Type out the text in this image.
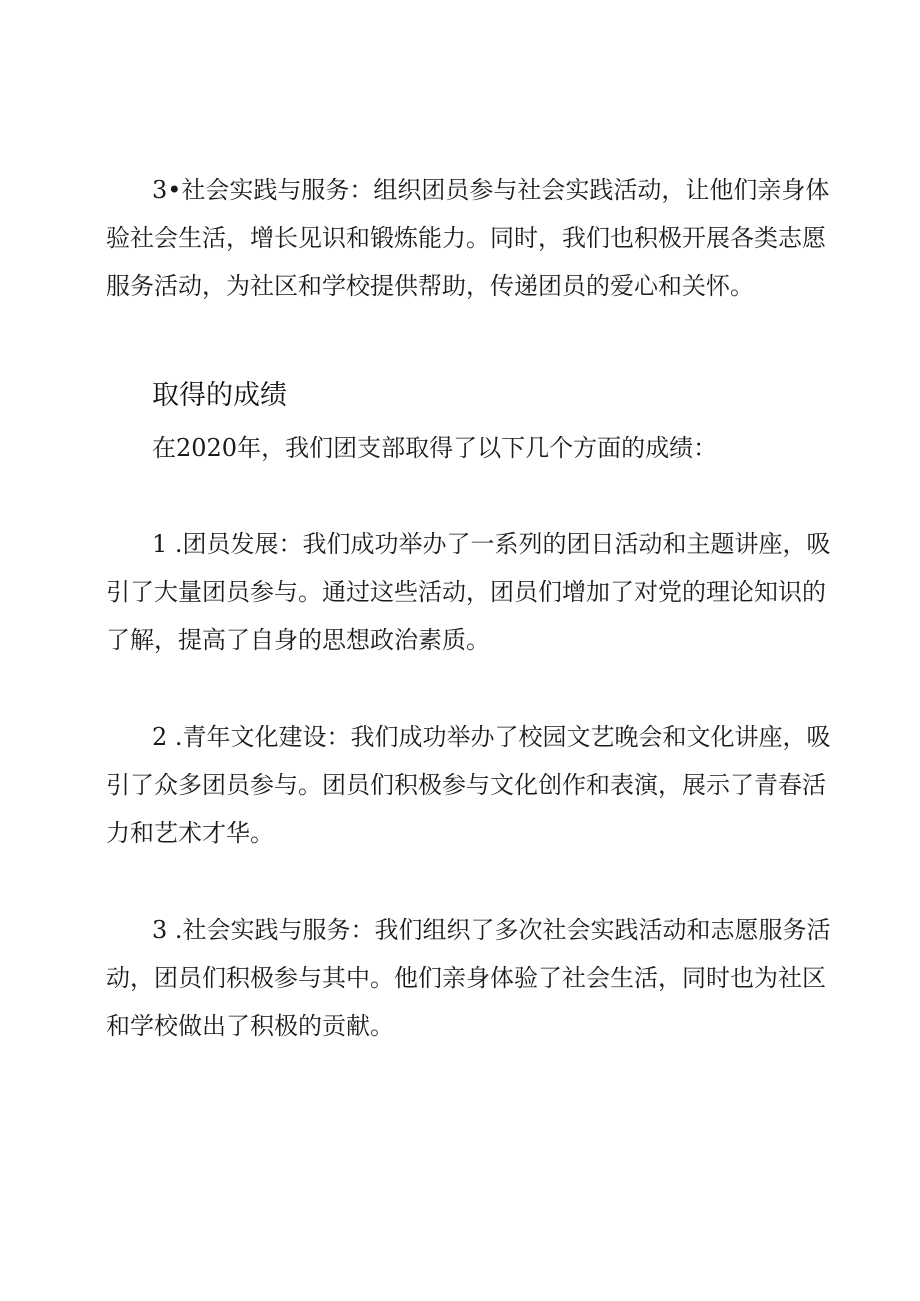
3•社会实践与服务：组织团员参与社会实践活动，让他们亲身体验社会生活，增长见识和锻炼能力。同时，我们也积极开展各类志愿服务活动，为社区和学校提供帮助，传递团员的爱心和关怀。

取得的成绩

在2020年，我们团支部取得了以下几个方面的成绩：

1 .团员发展：我们成功举办了一系列的团日活动和主题讲座，吸引了大量团员参与。通过这些活动，团员们增加了对党的理论知识的了解，提高了自身的思想政治素质。

2 .青年文化建设：我们成功举办了校园文艺晚会和文化讲座，吸引了众多团员参与。团员们积极参与文化创作和表演，展示了青春活力和艺术才华。

3 .社会实践与服务：我们组织了多次社会实践活动和志愿服务活动，团员们积极参与其中。他们亲身体验了社会生活，同时也为社区和学校做出了积极的贡献。
